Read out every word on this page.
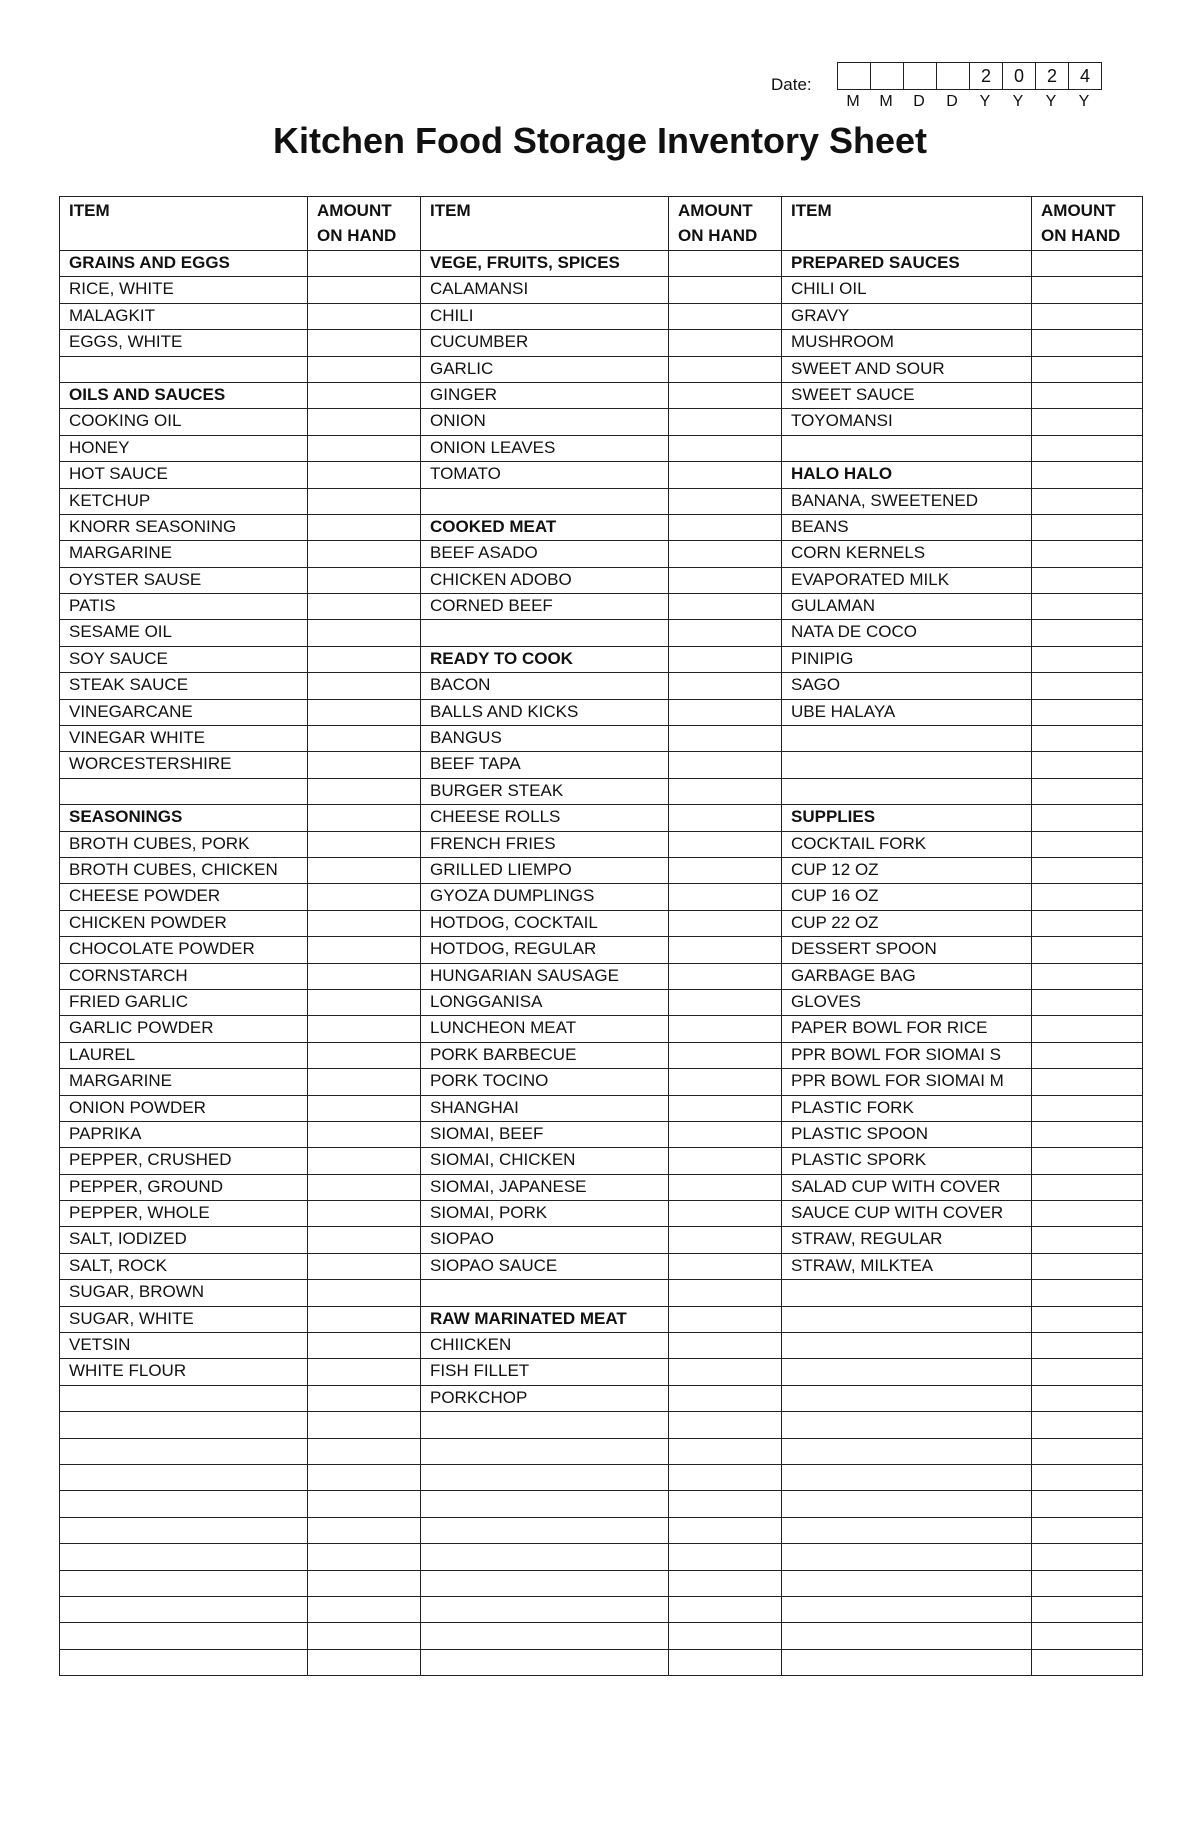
Date:	2	0	2	4
M	M	D	D	Y	Y	Y	Y
Kitchen Food Storage Inventory Sheet
ITEM	AMOUNT ON HAND	ITEM	AMOUNT ON HAND	ITEM	AMOUNT ON HAND
GRAINS AND EGGS		VEGE, FRUITS, SPICES		PREPARED SAUCES	
RICE, WHITE		CALAMANSI		CHILI OIL	
MALAGKIT		CHILI		GRAVY	
EGGS, WHITE		CUCUMBER		MUSHROOM	
		GARLIC		SWEET AND SOUR	
OILS AND SAUCES		GINGER		SWEET SAUCE	
COOKING OIL		ONION		TOYOMANSI	
HONEY		ONION LEAVES			
HOT SAUCE		TOMATO		HALO HALO	
KETCHUP				BANANA, SWEETENED	
KNORR SEASONING		COOKED MEAT		BEANS	
MARGARINE		BEEF ASADO		CORN KERNELS	
OYSTER SAUSE		CHICKEN ADOBO		EVAPORATED MILK	
PATIS		CORNED BEEF		GULAMAN	
SESAME OIL				NATA DE COCO	
SOY SAUCE		READY TO COOK		PINIPIG	
STEAK SAUCE		BACON		SAGO	
VINEGARCANE		BALLS AND KICKS		UBE HALAYA	
VINEGAR WHITE		BANGUS			
WORCESTERSHIRE		BEEF TAPA			
		BURGER STEAK			
SEASONINGS		CHEESE ROLLS		SUPPLIES	
BROTH CUBES, PORK		FRENCH FRIES		COCKTAIL FORK	
BROTH CUBES, CHICKEN		GRILLED LIEMPO		CUP 12 OZ	
CHEESE POWDER		GYOZA DUMPLINGS		CUP 16 OZ	
CHICKEN POWDER		HOTDOG, COCKTAIL		CUP 22 OZ	
CHOCOLATE POWDER		HOTDOG, REGULAR		DESSERT SPOON	
CORNSTARCH		HUNGARIAN SAUSAGE		GARBAGE BAG	
FRIED GARLIC		LONGGANISA		GLOVES	
GARLIC POWDER		LUNCHEON MEAT		PAPER BOWL FOR RICE	
LAUREL		PORK BARBECUE		PPR BOWL FOR SIOMAI S	
MARGARINE		PORK TOCINO		PPR BOWL FOR SIOMAI M	
ONION POWDER		SHANGHAI		PLASTIC FORK	
PAPRIKA		SIOMAI, BEEF		PLASTIC SPOON	
PEPPER, CRUSHED		SIOMAI, CHICKEN		PLASTIC SPORK	
PEPPER, GROUND		SIOMAI, JAPANESE		SALAD CUP WITH COVER	
PEPPER, WHOLE		SIOMAI, PORK		SAUCE CUP WITH COVER	
SALT, IODIZED		SIOPAO		STRAW, REGULAR	
SALT, ROCK		SIOPAO SAUCE		STRAW, MILKTEA	
SUGAR, BROWN					
SUGAR, WHITE		RAW MARINATED MEAT			
VETSIN		CHIICKEN			
WHITE FLOUR		FISH FILLET			
		PORKCHOP			
